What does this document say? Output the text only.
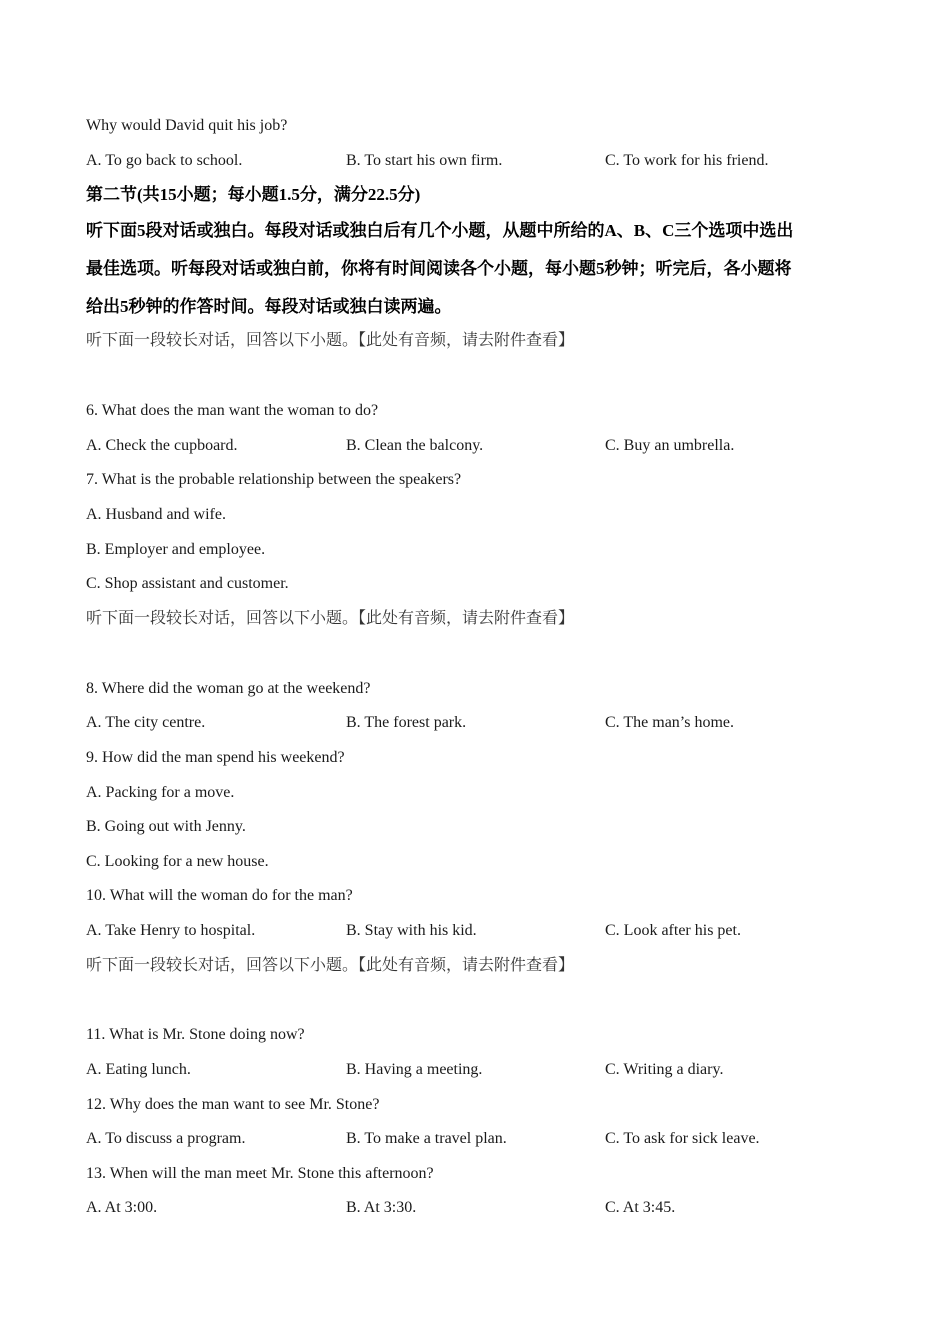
Why would David quit his job?
A. To go back to school.	B. To start his own firm.	C. To work for his friend.
第二节(共15小题；每小题1.5分，满分22.5分)
听下面5段对话或独白。每段对话或独白后有几个小题，从题中所给的A、B、C三个选项中选出
最佳选项。听每段对话或独白前，你将有时间阅读各个小题，每小题5秒钟；听完后，各小题将
给出5秒钟的作答时间。每段对话或独白读两遍。
听下面一段较长对话，回答以下小题。【此处有音频，请去附件查看】
6. What does the man want the woman to do?
A. Check the cupboard.	B. Clean the balcony.	C. Buy an umbrella.
7. What is the probable relationship between the speakers?
A. Husband and wife.
B. Employer and employee.
C. Shop assistant and customer.
听下面一段较长对话，回答以下小题。【此处有音频，请去附件查看】
8. Where did the woman go at the weekend?
A. The city centre.	B. The forest park.	C. The man’s home.
9. How did the man spend his weekend?
A. Packing for a move.
B. Going out with Jenny.
C. Looking for a new house.
10. What will the woman do for the man?
A. Take Henry to hospital.	B. Stay with his kid.	C. Look after his pet.
听下面一段较长对话，回答以下小题。【此处有音频，请去附件查看】
11. What is Mr. Stone doing now?
A. Eating lunch.	B. Having a meeting.	C. Writing a diary.
12. Why does the man want to see Mr. Stone?
A. To discuss a program.	B. To make a travel plan.	C. To ask for sick leave.
13. When will the man meet Mr. Stone this afternoon?
A. At 3:00.	B. At 3:30.	C. At 3:45.
